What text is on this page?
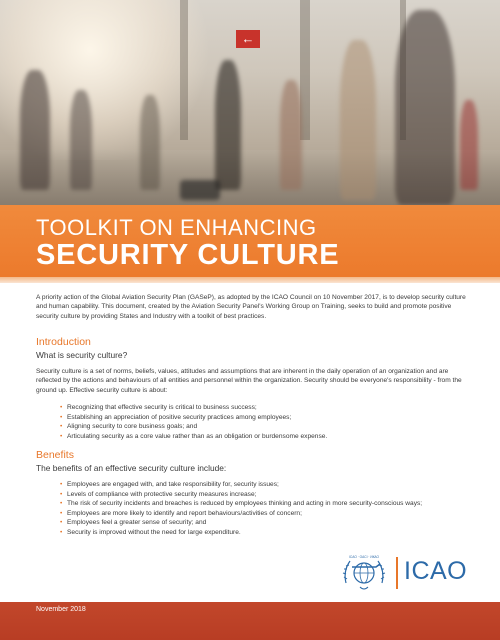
←
TOOLKIT ON ENHANCING
SECURITY CULTURE
A priority action of the Global Aviation Security Plan (GASeP), as adopted by the ICAO Council on 10 November 2017, is to develop security culture and human capability. This document, created by the Aviation Security Panel's Working Group on Training, seeks to build and promote positive security culture by providing States and Industry with a toolkit of best practices.
Introduction
What is security culture?
Security culture is a set of norms, beliefs, values, attitudes and assumptions that are inherent in the daily operation of an organization and are reflected by the actions and behaviours of all entities and personnel within the organization. Security should be everyone's responsibility - from the ground up. Effective security culture is about:
• Recognizing that effective security is critical to business success;
• Establishing an appreciation of positive security practices among employees;
• Aligning security to core business goals; and
• Articulating security as a core value rather than as an obligation or burdensome expense.
Benefits
The benefits of an effective security culture include:
• Employees are engaged with, and take responsibility for, security issues;
• Levels of compliance with protective security measures increase;
• The risk of security incidents and breaches is reduced by employees thinking and acting in more security-conscious ways;
• Employees are more likely to identify and report behaviours/activities of concern;
• Employees feel a greater sense of security; and
• Security is improved without the need for large expenditure.
ICAO · OACI · ИКАО ICAO
November 2018
